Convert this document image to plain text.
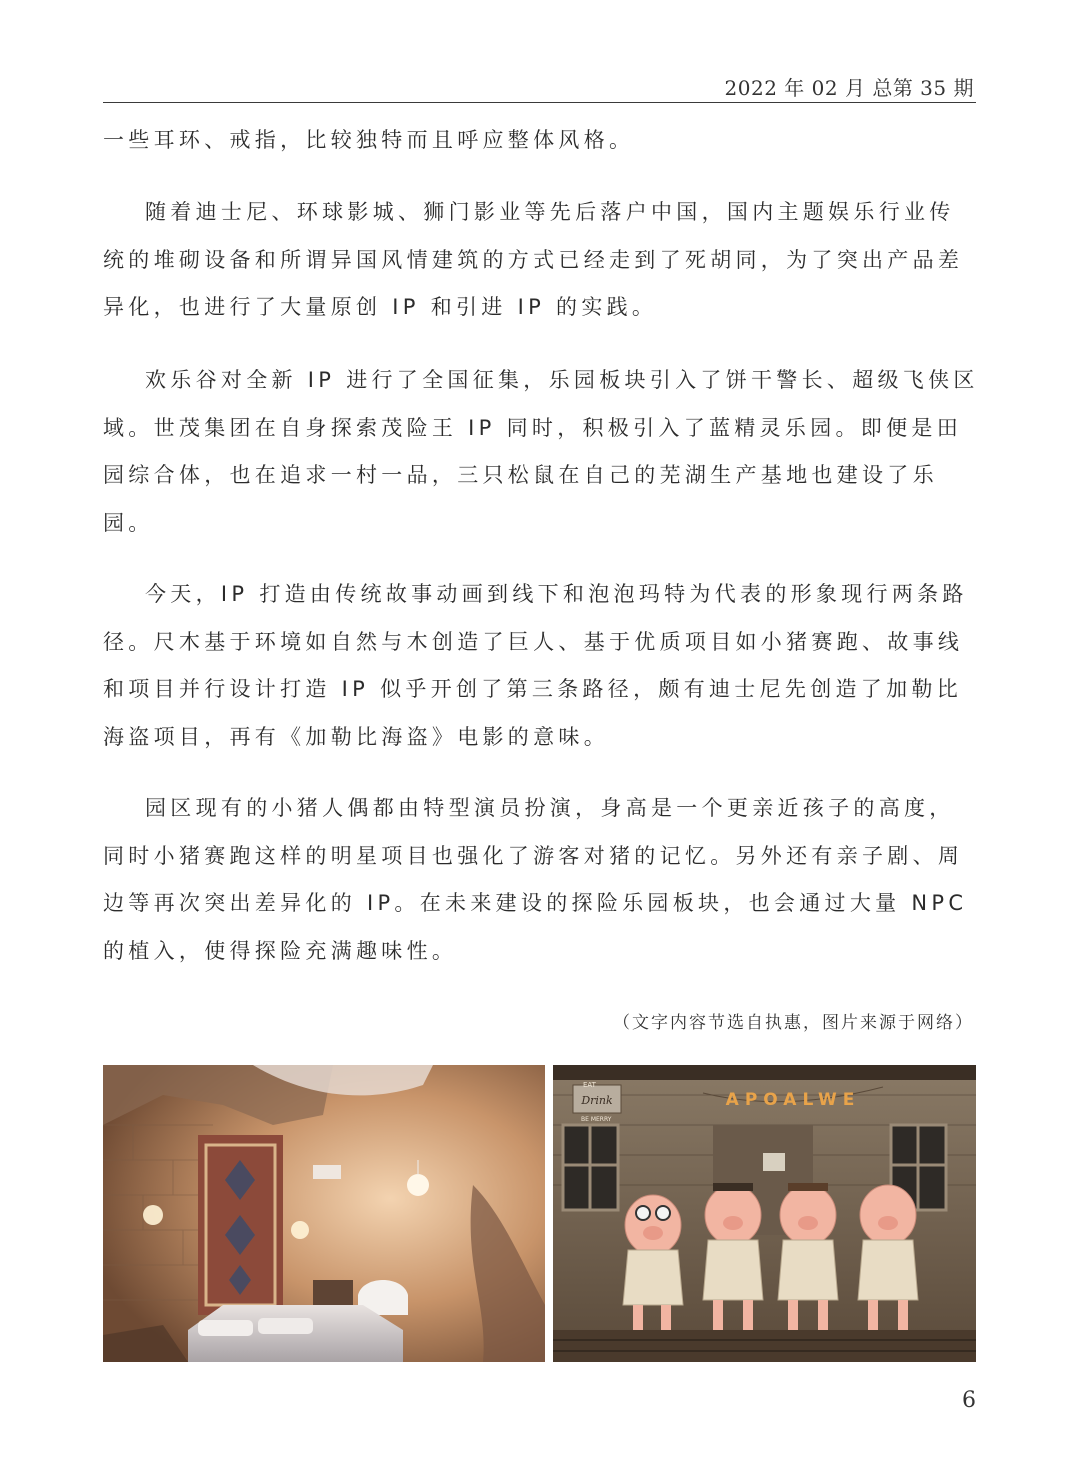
2022 年 02 月 总第 35 期

一些耳环、戒指，比较独特而且呼应整体风格。

随着迪士尼、环球影城、狮门影业等先后落户中国，国内主题娱乐行业传统的堆砌设备和所谓异国风情建筑的方式已经走到了死胡同，为了突出产品差异化，也进行了大量原创 IP 和引进 IP 的实践。

欢乐谷对全新 IP 进行了全国征集，乐园板块引入了饼干警长、超级飞侠区域。世茂集团在自身探索茂险王 IP 同时，积极引入了蓝精灵乐园。即便是田园综合体，也在追求一村一品，三只松鼠在自己的芜湖生产基地也建设了乐园。

今天，IP 打造由传统故事动画到线下和泡泡玛特为代表的形象现行两条路径。尺木基于环境如自然与木创造了巨人、基于优质项目如小猪赛跑、故事线和项目并行设计打造 IP 似乎开创了第三条路径，颇有迪士尼先创造了加勒比海盗项目，再有《加勒比海盗》电影的意味。

园区现有的小猪人偶都由特型演员扮演，身高是一个更亲近孩子的高度，同时小猪赛跑这样的明星项目也强化了游客对猪的记忆。另外还有亲子剧、周边等再次突出差异化的 IP。在未来建设的探险乐园板块，也会通过大量 NPC 的植入，使得探险充满趣味性。

（文字内容节选自执惠，图片来源于网络）
Drink
EAT
BE MERRY
APOALWE
6
